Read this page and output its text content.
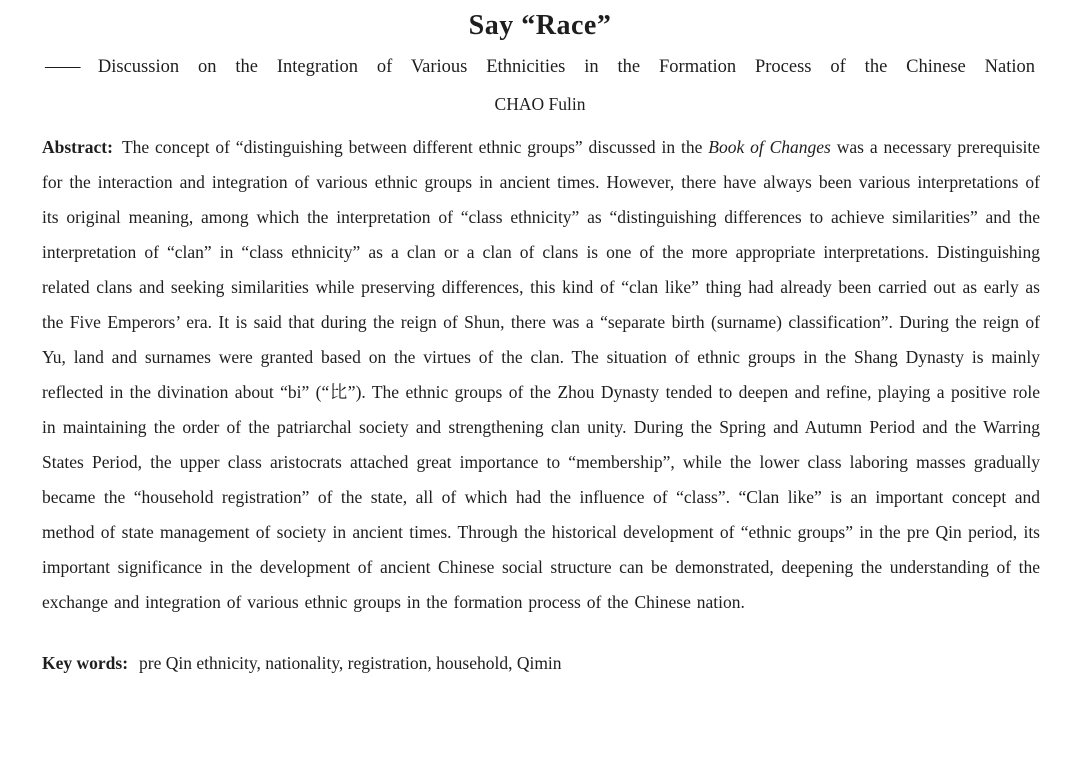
Say “Race”
—— Discussion on the Integration of Various Ethnicities in the Formation Process of the Chinese Nation
CHAO Fulin

Abstract: The concept of “distinguishing between different ethnic groups” discussed in the Book of Changes was a necessary prerequisite for the interaction and integration of various ethnic groups in ancient times. However, there have always been various interpretations of its original meaning, among which the interpretation of “class ethnicity” as “distinguishing differences to achieve similarities” and the interpretation of “clan” in “class ethnicity” as a clan or a clan of clans is one of the more appropriate interpretations. Distinguishing related clans and seeking similarities while preserving differences, this kind of “clan like” thing had already been carried out as early as the Five Emperors’ era. It is said that during the reign of Shun, there was a “separate birth (surname) classification”. During the reign of Yu, land and surnames were granted based on the virtues of the clan. The situation of ethnic groups in the Shang Dynasty is mainly reflected in the divination about “bi” (“比”). The ethnic groups of the Zhou Dynasty tended to deepen and refine, playing a positive role in maintaining the order of the patriarchal society and strengthening clan unity. During the Spring and Autumn Period and the Warring States Period, the upper class aristocrats attached great importance to “membership”, while the lower class laboring masses gradually became the “household registration” of the state, all of which had the influence of “class”. “Clan like” is an important concept and method of state management of society in ancient times. Through the historical development of “ethnic groups” in the pre Qin period, its important significance in the development of ancient Chinese social structure can be demonstrated, deepening the understanding of the exchange and integration of various ethnic groups in the formation process of the Chinese nation.

Key words: pre Qin ethnicity, nationality, registration, household, Qimin
